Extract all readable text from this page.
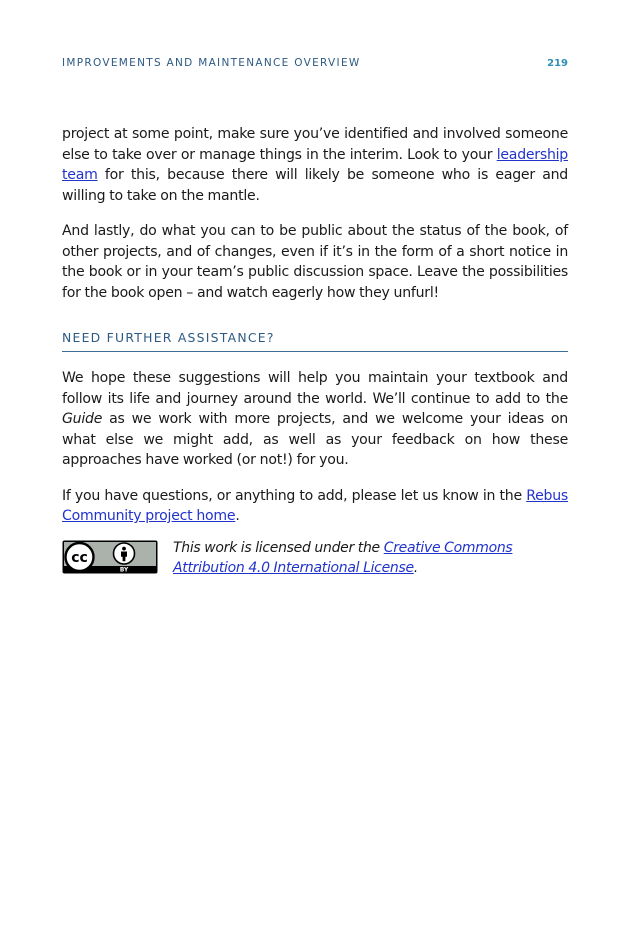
IMPROVEMENTS AND MAINTENANCE OVERVIEW	219

project at some point, make sure you’ve identified and involved someone else to take over or manage things in the interim. Look to your leadership team for this, because there will likely be someone who is eager and willing to take on the mantle.

And lastly, do what you can to be public about the status of the book, of other projects, and of changes, even if it’s in the form of a short notice in the book or in your team’s public discussion space. Leave the possibilities for the book open – and watch eagerly how they unfurl!

NEED FURTHER ASSISTANCE?

We hope these suggestions will help you maintain your textbook and follow its life and journey around the world. We’ll continue to add to the Guide as we work with more projects, and we welcome your ideas on what else we might add, as well as your feedback on how these approaches have worked (or not!) for you.

If you have questions, or anything to add, please let us know in the Rebus Community project home.

cc
BY
This work is licensed under the Creative Commons Attribution 4.0 International License.
